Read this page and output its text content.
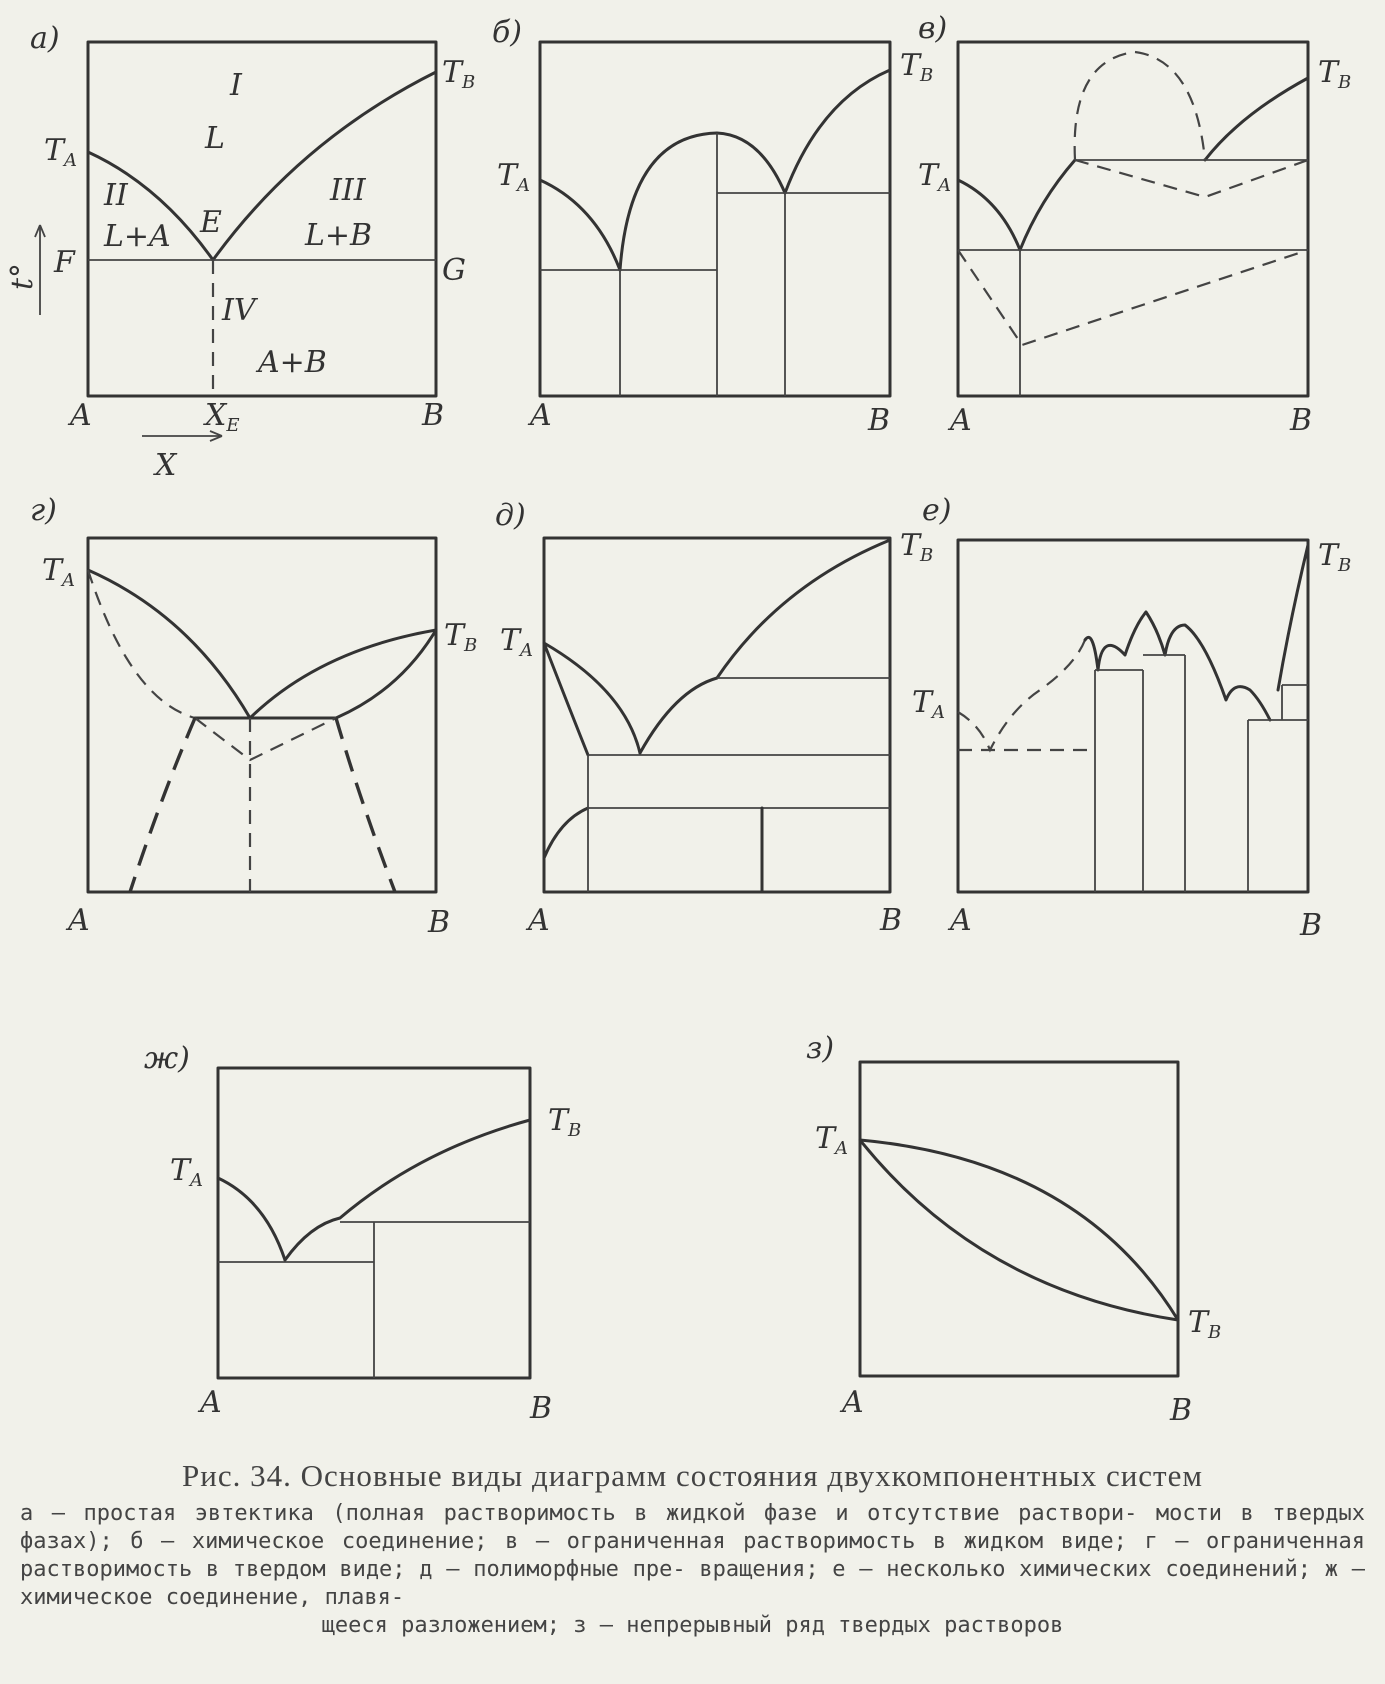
а)
$T_A$
$T_B$
I
L
II
L+A
III
L+B
E
IV
A+B
F	G
A	B
$X_E$
X
t°
б)
$T_A$
$T_B$
A	B
в)
$T_A$
$T_B$
A	B
г)
$T_A$
$T_B$
A	B
д)
$T_A$
$T_B$
A	B
е)
$T_A$
$T_B$
A	B
ж)
$T_A$
$T_B$
A	B
з)
$T_A$
$T_B$
A	B
Рис. 34. Основные виды диаграмм состояния двухкомпонентных систем
а — простая эвтектика (полная растворимость в жидкой фазе и отсутствие раствори- мости в твердых фазах); б — химическое соединение; в — ограниченная растворимость в жидком виде; г — ограниченная растворимость в твердом виде; д — полиморфные пре- вращения; е — несколько химических соединений; ж — химическое соединение, плавя-
щееся разложением; з — непрерывный ряд твердых растворов
